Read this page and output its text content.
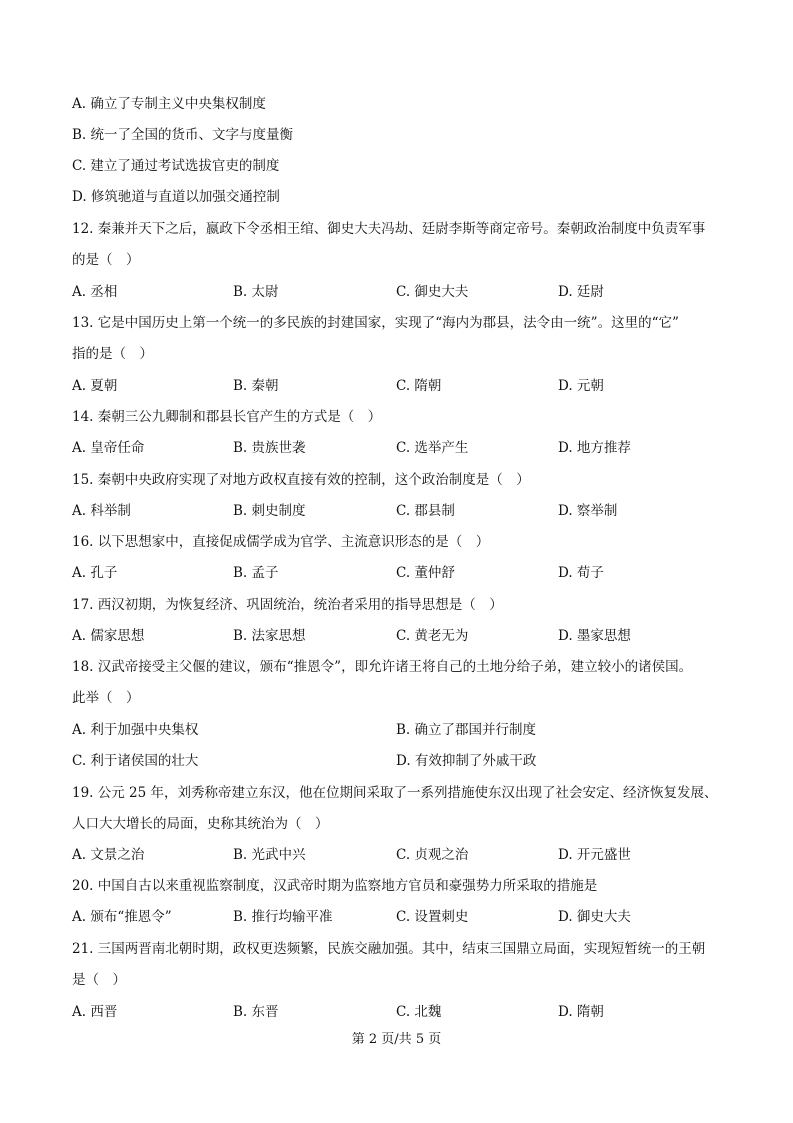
A. 确立了专制主义中央集权制度
B. 统一了全国的货币、文字与度量衡
C. 建立了通过考试选拔官吏的制度
D. 修筑驰道与直道以加强交通控制
12. 秦兼并天下之后，嬴政下令丞相王绾、御史大夫冯劫、廷尉李斯等商定帝号。秦朝政治制度中负责军事
的是（　）
A. 丞相	B. 太尉	C. 御史大夫	D. 廷尉
13. 它是中国历史上第一个统一的多民族的封建国家，实现了“海内为郡县，法令由一统”。这里的“它”
指的是（　）
A. 夏朝	B. 秦朝	C. 隋朝	D. 元朝
14. 秦朝三公九卿制和郡县长官产生的方式是（　）
A. 皇帝任命	B. 贵族世袭	C. 选举产生	D. 地方推荐
15. 秦朝中央政府实现了对地方政权直接有效的控制，这个政治制度是（　）
A. 科举制	B. 刺史制度	C. 郡县制	D. 察举制
16. 以下思想家中，直接促成儒学成为官学、主流意识形态的是（　）
A. 孔子	B. 孟子	C. 董仲舒	D. 荀子
17. 西汉初期，为恢复经济、巩固统治，统治者采用的指导思想是（　）
A. 儒家思想	B. 法家思想	C. 黄老无为	D. 墨家思想
18. 汉武帝接受主父偃的建议，颁布“推恩令”，即允许诸王将自己的土地分给子弟，建立较小的诸侯国。
此举（　）
A. 利于加强中央集权	B. 确立了郡国并行制度
C. 利于诸侯国的壮大	D. 有效抑制了外戚干政
19. 公元 25 年，刘秀称帝建立东汉，他在位期间采取了一系列措施使东汉出现了社会安定、经济恢复发展、
人口大大增长的局面，史称其统治为（　）
A. 文景之治	B. 光武中兴	C. 贞观之治	D. 开元盛世
20. 中国自古以来重视监察制度，汉武帝时期为监察地方官员和豪强势力所采取的措施是
A. 颁布“推恩令”	B. 推行均输平准	C. 设置刺史	D. 御史大夫
21. 三国两晋南北朝时期，政权更迭频繁，民族交融加强。其中，结束三国鼎立局面，实现短暂统一的王朝
是（　）
A. 西晋	B. 东晋	C. 北魏	D. 隋朝
第 2 页/共 5 页
